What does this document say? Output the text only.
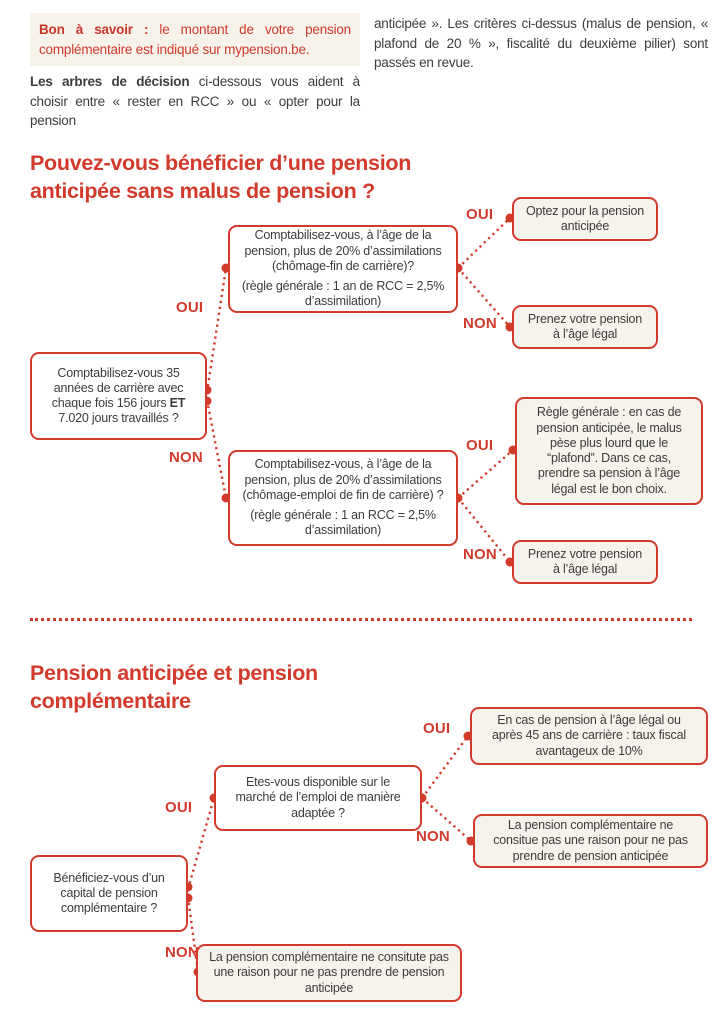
Bon à savoir : le montant de votre pension complémentaire est indiqué sur mypension.be.
Les arbres de décision ci-dessous vous aident à choisir entre « rester en RCC » ou « opter pour la pension
anticipée ». Les critères ci-dessus (malus de pension, « plafond de 20 % », fiscalité du deuxième pilier) sont passés en revue.
Pouvez-vous bénéficier d’une pension anticipée sans malus de pension ?
Comptabilisez-vous 35 années de carrière avec chaque fois 156 jours ET 7.020 jours travaillés ?
Comptabilisez-vous, à l’âge de la pension, plus de 20% d’assimilations (chômage-fin de carrière)?
(règle générale : 1 an de RCC = 2,5% d’assimilation)
Comptabilisez-vous, à l’âge de la pension, plus de 20% d’assimilations (chômage-emploi de fin de carrière) ?
(règle générale : 1 an RCC = 2,5% d’assimilation)
Optez pour la pension anticipée
Prenez votre pension à l’âge légal
Règle générale : en cas de pension anticipée, le malus pèse plus lourd que le “plafond”. Dans ce cas, prendre sa pension à l’âge légal est le bon choix.
Prenez votre pension à l’âge légal
OUI
NON
OUI
NON
OUI
NON
Pension anticipée et pension complémentaire
Bénéficiez-vous d’un capital de pension complémentaire ?
Etes-vous disponible sur le marché de l’emploi de manière adaptée ?
En cas de pension à l’âge légal ou après 45 ans de carrière : taux fiscal avantageux de 10%
La pension complémentaire ne consitue pas une raison pour ne pas prendre de pension anticipée
La pension complémentaire ne consitute pas une raison pour ne pas prendre de pension anticipée
OUI
NON
OUI
NON
